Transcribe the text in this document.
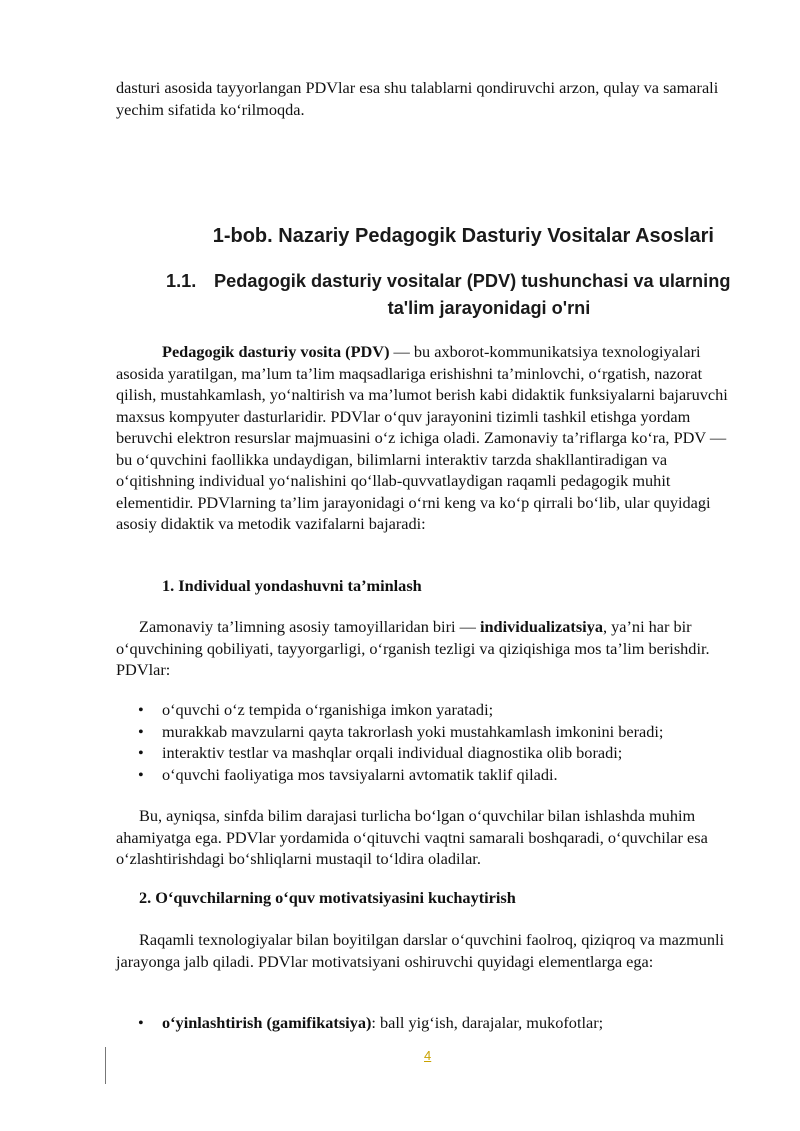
dasturi asosida tayyorlangan PDVlar esa shu talablarni qondiruvchi arzon, qulay va samarali yechim sifatida ko‘rilmoqda.

1-bob. Nazariy Pedagogik Dasturiy Vositalar Asoslari
1.1. Pedagogik dasturiy vositalar (PDV) tushunchasi va ularning
ta'lim jarayonidagi o'rni

Pedagogik dasturiy vosita (PDV) — bu axborot-kommunikatsiya texnologiyalari asosida yaratilgan, ma’lum ta’lim maqsadlariga erishishni ta’minlovchi, o‘rgatish, nazorat qilish, mustahkamlash, yo‘naltirish va ma’lumot berish kabi didaktik funksiyalarni bajaruvchi maxsus kompyuter dasturlaridir. PDVlar o‘quv jarayonini tizimli tashkil etishga yordam beruvchi elektron resurslar majmuasini o‘z ichiga oladi. Zamonaviy ta’riflarga ko‘ra, PDV — bu o‘quvchini faollikka undaydigan, bilimlarni interaktiv tarzda shakllantiradigan va o‘qitishning individual yo‘nalishini qo‘llab-quvvatlaydigan raqamli pedagogik muhit elementidir. PDVlarning ta’lim jarayonidagi o‘rni keng va ko‘p qirrali bo‘lib, ular quyidagi asosiy didaktik va metodik vazifalarni bajaradi:

1. Individual yondashuvni ta’minlash

Zamonaviy ta’limning asosiy tamoyillaridan biri — individualizatsiya, ya’ni har bir o‘quvchining qobiliyati, tayyorgarligi, o‘rganish tezligi va qiziqishiga mos ta’lim berishdir. PDVlar:

• o‘quvchi o‘z tempida o‘rganishiga imkon yaratadi;
• murakkab mavzularni qayta takrorlash yoki mustahkamlash imkonini beradi;
• interaktiv testlar va mashqlar orqali individual diagnostika olib boradi;
• o‘quvchi faoliyatiga mos tavsiyalarni avtomatik taklif qiladi.

Bu, ayniqsa, sinfda bilim darajasi turlicha bo‘lgan o‘quvchilar bilan ishlashda muhim ahamiyatga ega. PDVlar yordamida o‘qituvchi vaqtni samarali boshqaradi, o‘quvchilar esa o‘zlashtirishdagi bo‘shliqlarni mustaqil to‘ldira oladilar.

2. O‘quvchilarning o‘quv motivatsiyasini kuchaytirish

Raqamli texnologiyalar bilan boyitilgan darslar o‘quvchini faolroq, qiziqroq va mazmunli jarayonga jalb qiladi. PDVlar motivatsiyani oshiruvchi quyidagi elementlarga ega:

• o‘yinlashtirish (gamifikatsiya): ball yig‘ish, darajalar, mukofotlar;
4
